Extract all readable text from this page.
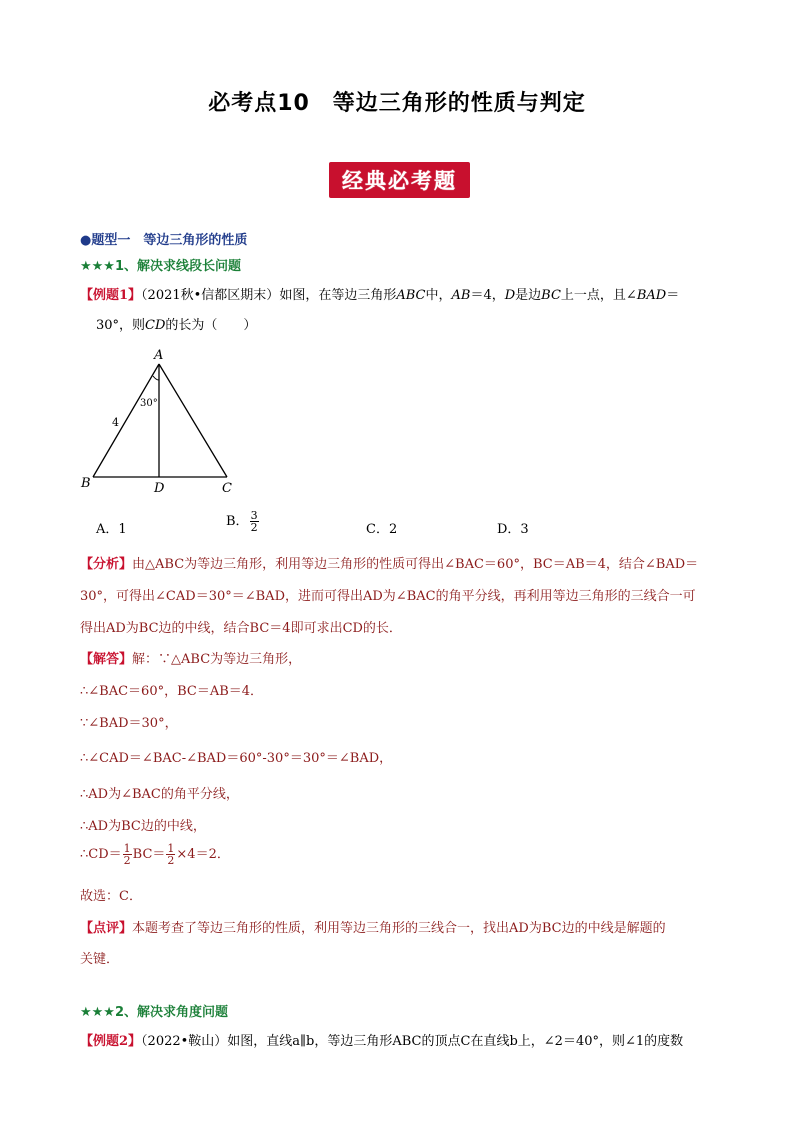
必考点10　等边三角形的性质与判定
经典必考题
●题型一　等边三角形的性质
★★★1、解决求线段长问题
【例题1】（2021秋•信都区期末）如图，在等边三角形ABC中，AB＝4，D是边BC上一点，且∠BAD＝
30°，则CD的长为（　　）
A
B	D	C
4
30°
A．1
B． $\frac{3}{2}$	C．2	D．3
【分析】由△ABC为等边三角形，利用等边三角形的性质可得出∠BAC＝60°，BC＝AB＝4，结合∠BAD＝
30°，可得出∠CAD＝30°＝∠BAD，进而可得出AD为∠BAC的角平分线，再利用等边三角形的三线合一可
得出AD为BC边的中线，结合BC＝4即可求出CD的长．
【解答】解：∵△ABC为等边三角形，
∴∠BAC＝60°，BC＝AB＝4．
∵∠BAD＝30°，
∴∠CAD＝∠BAC-∠BAD＝60°-30°＝30°＝∠BAD，
∴AD为∠BAC的角平分线，
∴AD为BC边的中线，
∴CD＝ $\frac{1}{2} BC= \frac{1}{2} \times 4=2$．
故选：C．
【点评】本题考查了等边三角形的性质，利用等边三角形的三线合一，找出AD为BC边的中线是解题的
关键．
★★★2、解决求角度问题
【例题2】（2022•鞍山）如图，直线a∥b，等边三角形ABC的顶点C在直线b上，∠2＝40°，则∠1的度数
